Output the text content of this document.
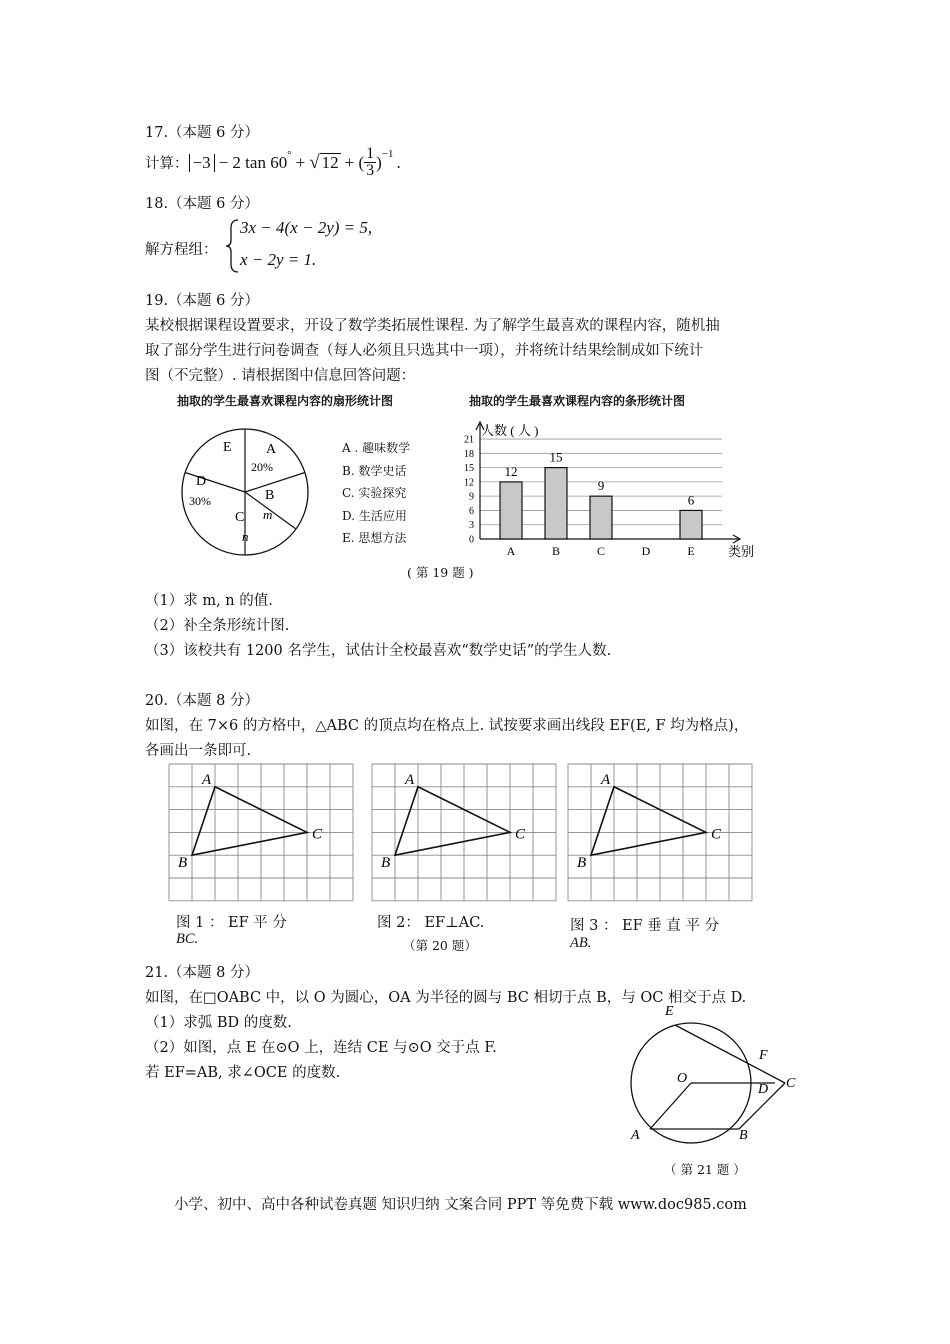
17.（本题 6 分）
计算： −3 − 2 tan 60 ° + √ 12 + ( $\frac{1}{3}$ ) −1 .
18.（本题 6 分）
解方程组：
3x − 4(x − 2y) = 5,
x − 2y = 1.
19.（本题 6 分）
某校根据课程设置要求，开设了数学类拓展性课程. 为了解学生最喜欢的课程内容，随机抽
取了部分学生进行问卷调查（每人必须且只选其中一项），并将统计结果绘制成如下统计
图（不完整）. 请根据图中信息回答问题：
抽取的学生最喜欢课程内容的扇形统计图	抽取的学生最喜欢课程内容的条形统计图
A
20%
B
m
C
n
D
30%
E	A . 趣味数学
B. 数学史话
C. 实验探究
D. 生活应用
E. 思想方法
人数 ( 人 )
类别
0
3
6
9
12
15
18
21
12
A
15
B
9
C	D
6
E
( 第 19 题 )
（1）求 m, n 的值.
（2）补全条形统计图.
（3）该校共有 1200 名学生，试估计全校最喜欢“数学史话”的学生人数.
20.（本题 8 分）
如图，在 7×6 的方格中，△ABC 的顶点均在格点上. 试按要求画出线段 EF(E, F 均为格点)，
各画出一条即可.
A
B
C
A
B
C
A
B
C
图 1 ： EF 平 分
BC.
图 2： EF⊥AC.
（第 20 题）
图 3 ： EF 垂 直 平 分
AB.
21.（本题 8 分）
如图，在□OABC 中，以 O 为圆心，OA 为半径的圆与 BC 相切于点 B，与 OC 相交于点 D.
（1）求弧 BD 的度数.
（2）如图，点 E 在⊙O 上，连结 CE 与⊙O 交于点 F.
若 EF=AB, 求∠OCE 的度数.	O
A	B
C
D
E
F
（ 第 21 题 ）
小学、初中、高中各种试卷真题 知识归纳 文案合同 PPT 等免费下载 www.doc985.com
